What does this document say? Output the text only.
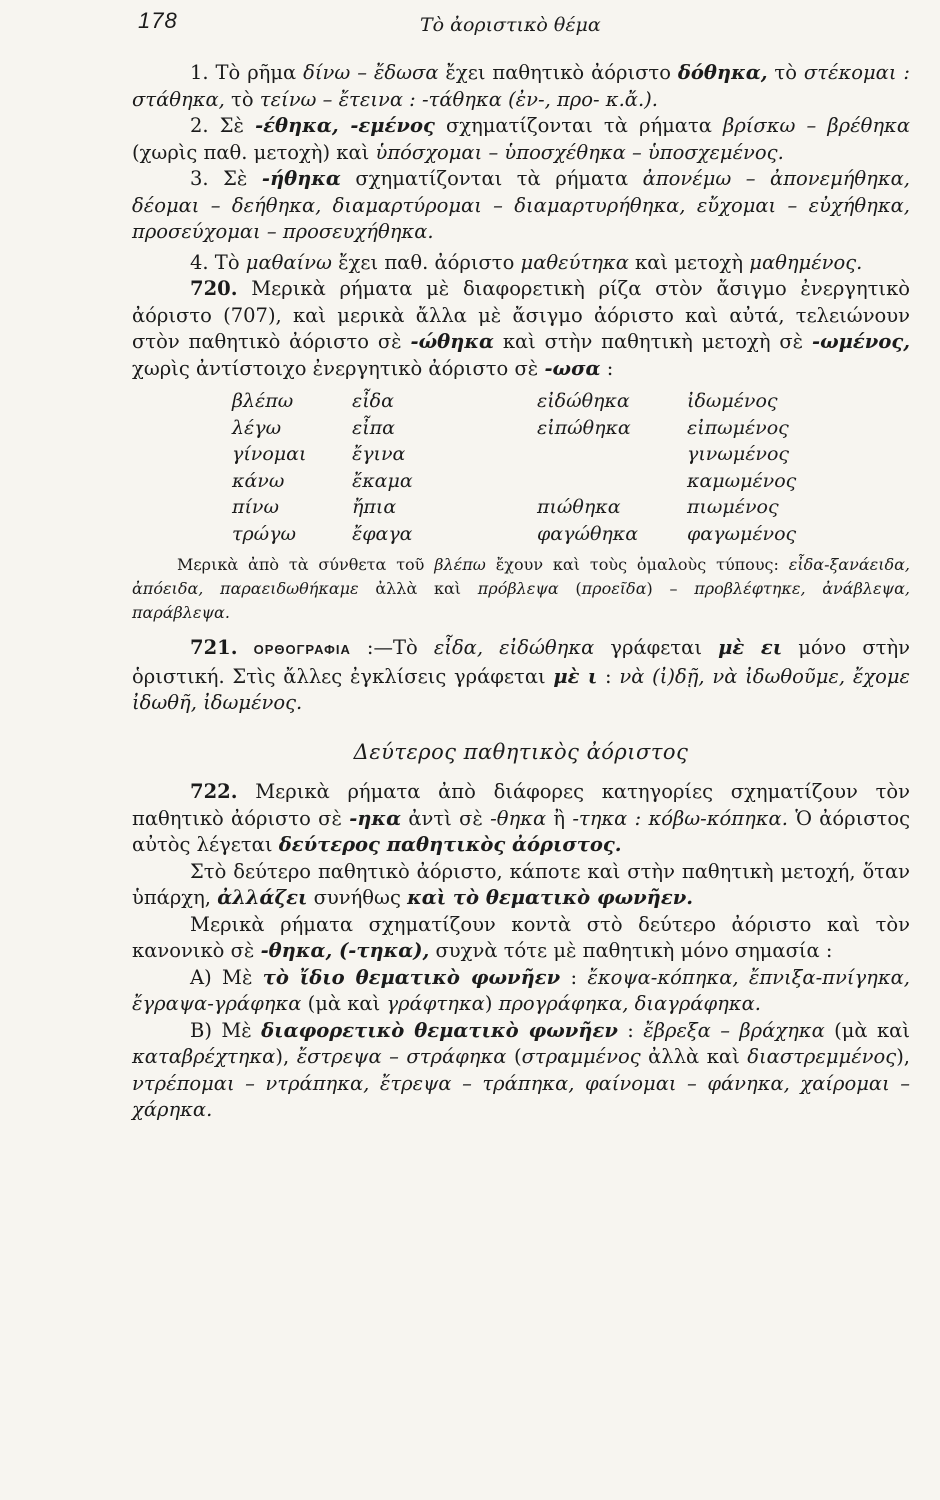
178	Τὸ ἀοριστικὸ θέμα

1. Τὸ ρῆμα δίνω – ἔδωσα ἔχει παθητικὸ ἀόριστο δόθηκα, τὸ στέκομαι : στάθηκα, τὸ τείνω – ἔτεινα : -τάθηκα (ἐν-, προ- κ.ἄ.).

2. Σὲ -έθηκα, -εμένος σχηματίζονται τὰ ρήματα βρίσκω – βρέθηκα (χωρὶς παθ. μετοχὴ) καὶ ὑπόσχομαι – ὑποσχέθηκα – ὑποσχεμένος.

3. Σὲ -ήθηκα σχηματίζονται τὰ ρήματα ἀπονέμω – ἀπονεμήθηκα, δέομαι – δεήθηκα, διαμαρτύρομαι – διαμαρτυρήθηκα, εὔχομαι – εὐχήθηκα, προσεύχομαι – προσευχήθηκα.

4. Τὸ μαθαίνω ἔχει παθ. ἀόριστο μαθεύτηκα καὶ μετοχὴ μαθημένος.

720. Μερικὰ ρήματα μὲ διαφορετικὴ ρίζα στὸν ἄσιγμο ἐνεργητικὸ ἀόριστο (707), καὶ μερικὰ ἄλλα μὲ ἄσιγμο ἀόριστο καὶ αὐτά, τελειώνουν στὸν παθητικὸ ἀόριστο σὲ -ώθηκα καὶ στὴν παθητικὴ μετοχὴ σὲ -ωμένος, χωρὶς ἀντίστοιχο ἐνεργητικὸ ἀόριστο σὲ -ωσα :

βλέπω	εἶδα	εἰδώθηκα	ἰδωμένος
λέγω	εἶπα	εἰπώθηκα	εἰπωμένος
γίνομαι	ἔγινα		γινωμένος
κάνω	ἔκαμα		καμωμένος
πίνω	ἤπια	πιώθηκα	πιωμένος
τρώγω	ἔφαγα	φαγώθηκα	φαγωμένος

Μερικὰ ἀπὸ τὰ σύνθετα τοῦ βλέπω ἔχουν καὶ τοὺς ὁμαλοὺς τύπους: εἶδα-ξανάειδα, ἀπόειδα, παραειδωθήκαμε ἀλλὰ καὶ πρόβλεψα (προεῖδα) – προβλέφτηκε, ἀνάβλεψα, παράβλεψα.

721. ΟΡΘΟΓΡΑΦΙΑ :—Τὸ εἶδα, εἰδώθηκα γράφεται μὲ ει μόνο στὴν ὁριστική. Στὶς ἄλλες ἐγκλίσεις γράφεται μὲ ι : νὰ (ἰ)δῇ, νὰ ἰδωθοῦμε, ἔχομε ἰδωθῆ, ἰδωμένος.

Δεύτερος παθητικὸς ἀόριστος

722. Μερικὰ ρήματα ἀπὸ διάφορες κατηγορίες σχηματίζουν τὸν παθητικὸ ἀόριστο σὲ -ηκα ἀντὶ σὲ -θηκα ἢ -τηκα : κόβω-κόπηκα. Ὁ ἀόριστος αὐτὸς λέγεται δεύτερος παθητικὸς ἀόριστος.

Στὸ δεύτερο παθητικὸ ἀόριστο, κάποτε καὶ στὴν παθητικὴ μετοχή, ὅταν ὑπάρχη, ἀλλάζει συνήθως καὶ τὸ θεματικὸ φωνῆεν.

Μερικὰ ρήματα σχηματίζουν κοντὰ στὸ δεύτερο ἀόριστο καὶ τὸν κανονικὸ σὲ -θηκα, (-τηκα), συχνὰ τότε μὲ παθητικὴ μόνο σημασία :

Α) Μὲ τὸ ἴδιο θεματικὸ φωνῆεν : ἔκοψα-κόπηκα, ἔπνιξα-πνίγηκα, ἔγραψα-γράφηκα (μὰ καὶ γράφτηκα) προγράφηκα, διαγράφηκα.

Β) Μὲ διαφορετικὸ θεματικὸ φωνῆεν : ἔβρεξα – βράχηκα (μὰ καὶ καταβρέχτηκα), ἔστρεψα – στράφηκα (στραμμένος ἀλλὰ καὶ διαστρεμμένος), ντρέπομαι – ντράπηκα, ἔτρεψα – τράπηκα, φαίνομαι – φάνηκα, χαίρομαι – χάρηκα.
